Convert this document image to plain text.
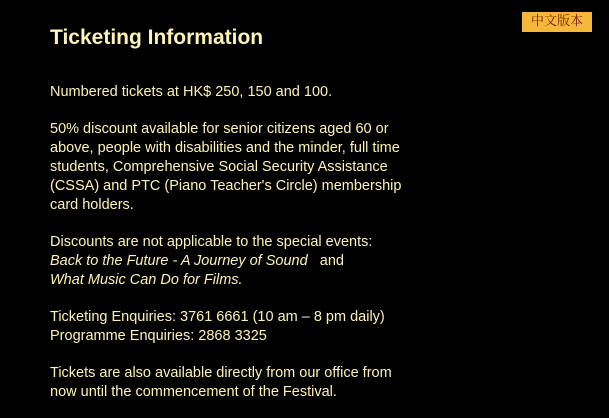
中文版本
Ticketing Information

Numbered tickets at HK$ 250, 150 and 100.

50% discount available for senior citizens aged 60 or
above, people with disabilities and the minder, full time
students, Comprehensive Social Security Assistance
(CSSA) and PTC (Piano Teacher's Circle) membership
card holders.

Discounts are not applicable to the special events:
Back to the Future - A Journey of Sound and
What Music Can Do for Films.

Ticketing Enquiries: 3761 6661 (10 am – 8 pm daily)
Programme Enquiries: 2868 3325

Tickets are also available directly from our office from
now until the commencement of the Festival.
